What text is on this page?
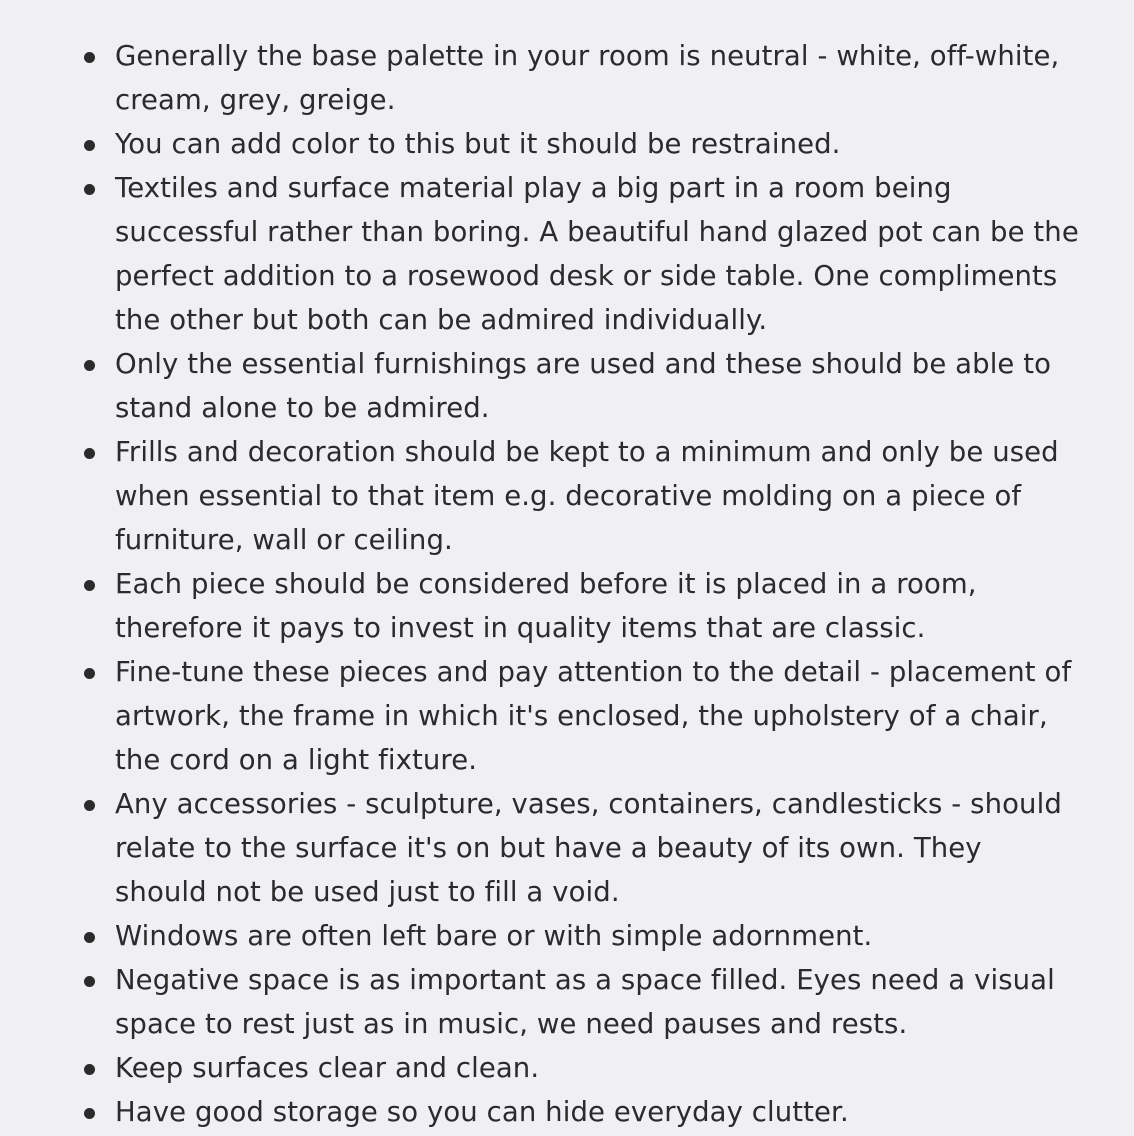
Generally the base palette in your room is neutral - white, off-white,
cream, grey, greige.
You can add color to this but it should be restrained.
Textiles and surface material play a big part in a room being
successful rather than boring. A beautiful hand glazed pot can be the
perfect addition to a rosewood desk or side table. One compliments
the other but both can be admired individually.
Only the essential furnishings are used and these should be able to
stand alone to be admired.
Frills and decoration should be kept to a minimum and only be used
when essential to that item e.g. decorative molding on a piece of
furniture, wall or ceiling.
Each piece should be considered before it is placed in a room,
therefore it pays to invest in quality items that are classic.
Fine-tune these pieces and pay attention to the detail - placement of
artwork, the frame in which it's enclosed, the upholstery of a chair,
the cord on a light fixture.
Any accessories - sculpture, vases, containers, candlesticks - should
relate to the surface it's on but have a beauty of its own. They
should not be used just to fill a void.
Windows are often left bare or with simple adornment.
Negative space is as important as a space filled. Eyes need a visual
space to rest just as in music, we need pauses and rests.
Keep surfaces clear and clean.
Have good storage so you can hide everyday clutter.
